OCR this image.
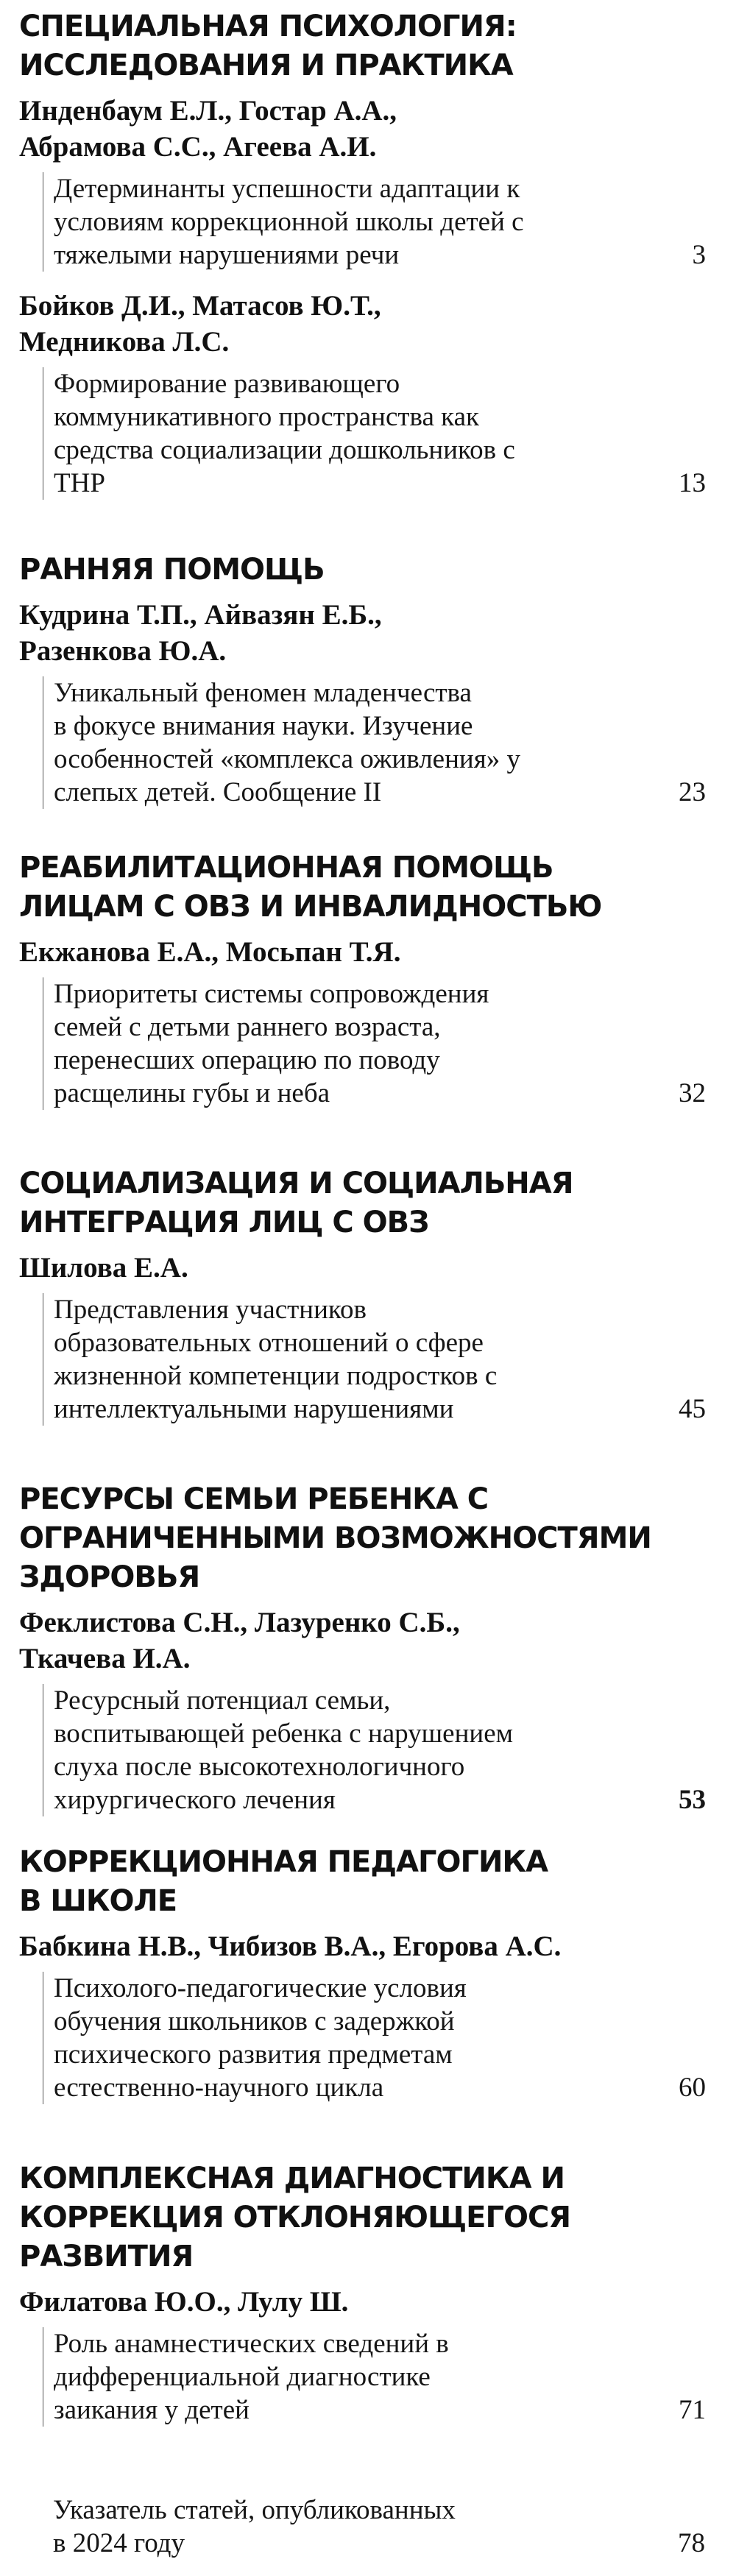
СПЕЦИАЛЬНАЯ ПСИХОЛОГИЯ:
ИССЛЕДОВАНИЯ И ПРАКТИКА
Инденбаум Е.Л., Гостар А.А.,
Абрамова С.С., Агеева А.И.
Детерминанты успешности адаптации к
условиям коррекционной школы детей с
тяжелыми нарушениями речи	3
Бойков Д.И., Матасов Ю.Т.,
Медникова Л.С.
Формирование развивающего
коммуникативного пространства как
средства социализации дошкольников с
ТНР	13
РАННЯЯ ПОМОЩЬ
Кудрина Т.П., Айвазян Е.Б.,
Разенкова Ю.А.
Уникальный феномен младенчества
в фокусе внимания науки. Изучение
особенностей «комплекса оживления» у
слепых детей. Сообщение II	23
РЕАБИЛИТАЦИОННАЯ ПОМОЩЬ
ЛИЦАМ С ОВЗ И ИНВАЛИДНОСТЬЮ
Екжанова Е.А., Мосьпан Т.Я.
Приоритеты системы сопровождения
семей с детьми раннего возраста,
перенесших операцию по поводу
расщелины губы и неба	32
СОЦИАЛИЗАЦИЯ И СОЦИАЛЬНАЯ
ИНТЕГРАЦИЯ ЛИЦ С ОВЗ
Шилова Е.А.
Представления участников
образовательных отношений о сфере
жизненной компетенции подростков с
интеллектуальными нарушениями	45
РЕСУРСЫ СЕМЬИ РЕБЕНКА С
ОГРАНИЧЕННЫМИ ВОЗМОЖНОСТЯМИ
ЗДОРОВЬЯ
Феклистова С.Н., Лазуренко С.Б.,
Ткачева И.А.
Ресурсный потенциал семьи,
воспитывающей ребенка с нарушением
слуха после высокотехнологичного
хирургического лечения	53
КОРРЕКЦИОННАЯ ПЕДАГОГИКА
В ШКОЛЕ
Бабкина Н.В., Чибизов В.А., Егорова А.С.
Психолого-педагогические условия
обучения школьников с задержкой
психического развития предметам
естественно-научного цикла	60
КОМПЛЕКСНАЯ ДИАГНОСТИКА И
КОРРЕКЦИЯ ОТКЛОНЯЮЩЕГОСЯ
РАЗВИТИЯ
Филатова Ю.О., Лулу Ш.
Роль анамнестических сведений в
дифференциальной диагностике
заикания у детей	71
Указатель статей, опубликованных
в 2024 году	78
